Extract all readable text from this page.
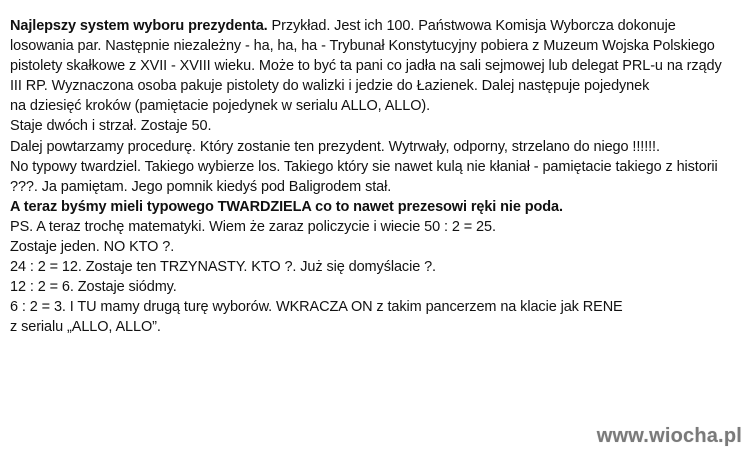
Najlepszy system wyboru prezydenta. Przykład. Jest ich 100. Państwowa Komisja Wyborcza dokonuje
losowania par. Następnie niezależny - ha, ha, ha - Trybunał Konstytucyjny pobiera z Muzeum Wojska Polskiego
pistolety skałkowe z XVII - XVIII wieku. Może to być ta pani co jadła na sali sejmowej lub delegat PRL-u na rządy
III RP. Wyznaczona osoba pakuje pistolety do walizki i jedzie do Łazienek. Dalej następuje pojedynek
na dziesięć kroków (pamiętacie pojedynek w serialu ALLO, ALLO).
Staje dwóch i strzał. Zostaje 50.
Dalej powtarzamy procedurę. Który zostanie ten prezydent. Wytrwały, odporny, strzelano do niego !!!!!!.
No typowy twardziel. Takiego wybierze los. Takiego który sie nawet kulą nie kłaniał - pamiętacie takiego z historii
???. Ja pamiętam. Jego pomnik kiedyś pod Baligrodem stał.
A teraz byśmy mieli typowego TWARDZIELA co to nawet prezesowi ręki nie poda.
PS. A teraz trochę matematyki. Wiem że zaraz policzycie i wiecie 50 : 2 = 25.
Zostaje jeden. NO KTO ?.
24 : 2 = 12. Zostaje ten TRZYNASTY. KTO ?. Już się domyślacie ?.
12 : 2 = 6. Zostaje siódmy.
6 : 2 = 3. I TU mamy drugą turę wyborów. WKRACZA ON z takim pancerzem na klacie jak RENE
z serialu „ALLO, ALLO”.
www.wiocha.pl
